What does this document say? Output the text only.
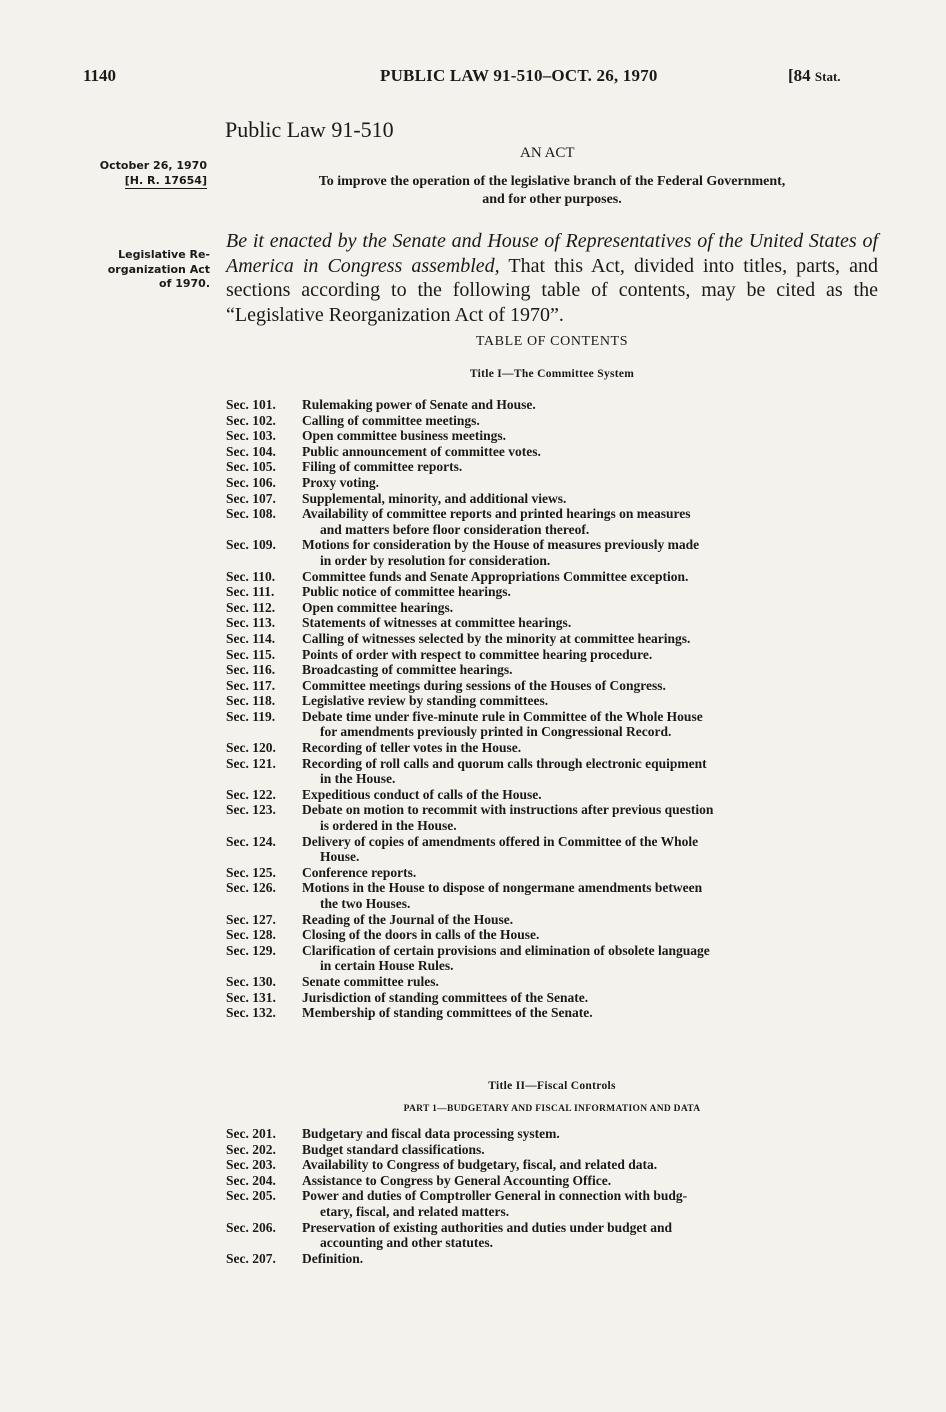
1140	PUBLIC LAW 91-510–OCT. 26, 1970	[84 Stat.
Public Law 91-510
AN ACT
October 26, 1970
[H. R. 17654]	To improve the operation of the legislative branch of the Federal Government,
and for other purposes.
Legislative Re-
organization Act
of 1970.
Be it enacted by the Senate and House of Representatives of the United States of America in Congress assembled, That this Act, divided into titles, parts, and sections according to the following table of contents, may be cited as the “Legislative Reorganization Act of 1970”.
TABLE OF CONTENTS
Title I—The Committee System
Sec. 101.	Rulemaking power of Senate and House.
Sec. 102.	Calling of committee meetings.
Sec. 103.	Open committee business meetings.
Sec. 104.	Public announcement of committee votes.
Sec. 105.	Filing of committee reports.
Sec. 106.	Proxy voting.
Sec. 107.	Supplemental, minority, and additional views.
Sec. 108.	Availability of committee reports and printed hearings on measures
and matters before floor consideration thereof.
Sec. 109.	Motions for consideration by the House of measures previously made
in order by resolution for consideration.
Sec. 110.	Committee funds and Senate Appropriations Committee exception.
Sec. 111.	Public notice of committee hearings.
Sec. 112.	Open committee hearings.
Sec. 113.	Statements of witnesses at committee hearings.
Sec. 114.	Calling of witnesses selected by the minority at committee hearings.
Sec. 115.	Points of order with respect to committee hearing procedure.
Sec. 116.	Broadcasting of committee hearings.
Sec. 117.	Committee meetings during sessions of the Houses of Congress.
Sec. 118.	Legislative review by standing committees.
Sec. 119.	Debate time under five-minute rule in Committee of the Whole House
for amendments previously printed in Congressional Record.
Sec. 120.	Recording of teller votes in the House.
Sec. 121.	Recording of roll calls and quorum calls through electronic equipment
in the House.
Sec. 122.	Expeditious conduct of calls of the House.
Sec. 123.	Debate on motion to recommit with instructions after previous question
is ordered in the House.
Sec. 124.	Delivery of copies of amendments offered in Committee of the Whole
House.
Sec. 125.	Conference reports.
Sec. 126.	Motions in the House to dispose of nongermane amendments between
the two Houses.
Sec. 127.	Reading of the Journal of the House.
Sec. 128.	Closing of the doors in calls of the House.
Sec. 129.	Clarification of certain provisions and elimination of obsolete language
in certain House Rules.
Sec. 130.	Senate committee rules.
Sec. 131.	Jurisdiction of standing committees of the Senate.
Sec. 132.	Membership of standing committees of the Senate.
Title II—Fiscal Controls
PART 1—BUDGETARY AND FISCAL INFORMATION AND DATA
Sec. 201.	Budgetary and fiscal data processing system.
Sec. 202.	Budget standard classifications.
Sec. 203.	Availability to Congress of budgetary, fiscal, and related data.
Sec. 204.	Assistance to Congress by General Accounting Office.
Sec. 205.	Power and duties of Comptroller General in connection with budg-
etary, fiscal, and related matters.
Sec. 206.	Preservation of existing authorities and duties under budget and
accounting and other statutes.
Sec. 207.	Definition.
